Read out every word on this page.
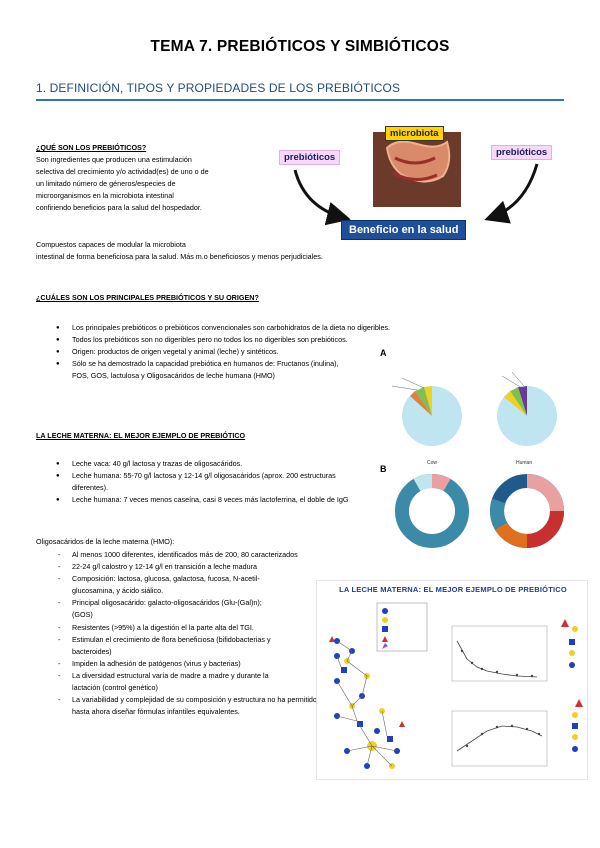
TEMA 7. PREBIÓTICOS Y SIMBIÓTICOS
1. DEFINICIÓN, TIPOS Y PROPIEDADES DE LOS PREBIÓTICOS
¿QUÉ SON LOS PREBIÓTICOS?
Son ingredientes que producen una estimulación
selectiva del crecimiento y/o actividad(es) de uno o de
un limitado número de géneros/especies de
microorganismos en la microbiota intestinal
confiriendo beneficios para la salud del hospedador.
Compuestos capaces de modular la microbiota
intestinal de forma beneficiosa para la salud. Más m.o beneficiosos y menos perjudiciales.
microbiota
prebióticos	prebióticos
Beneficio en la salud
¿CUÁLES SON LOS PRINCIPALES PREBIÓTICOS Y SU ORIGEN?
● Los principales prebióticos o prebióticos convencionales son carbohidratos de la dieta no digeribles.
● Todos los prebióticos son no digeribles pero no todos los no digeribles son prebióticos.
● Origen: productos de origen vegetal y animal (leche) y sintéticos.
● Sólo se ha demostrado la capacidad prebiótica en humanos de: Fructanos (inulina), FOS, GOS, lactulosa y Oligosacáridos de leche humana (HMO)
LA LECHE MATERNA: EL MEJOR EJEMPLO DE PREBIÓTICO
● Leche vaca: 40 g/l lactosa y trazas de oligosacáridos.
● Leche humana: 55-70 g/l lactosa y 12-14 g/l oligosacáridos (aprox. 200 estructuras diferentes).
● Leche humana: 7 veces menos caseína, casi 8 veces más lactoferrina, el doble de IgG
Oligosacáridos de la leche materna (HMO):
- Al menos 1000 diferentes, identificados más de 200, 80 caracterizados
- 22-24 g/l calostro y 12-14 g/l en transición a leche madura
- Composición: lactosa, glucosa, galactosa, fucosa, N-acetil- glucosamina, y ácido siálico.
- Principal oligosacárido: galacto-oligosacáridos (Glu-(Gal)n); (GOS)
- Resistentes (>95%) a la digestión el la parte alta del TGI.
- Estimulan el crecimiento de flora beneficiosa (bifidobacterias y bacteroides)
- Impiden la adhesión de patógenos (virus y bacterias)
- La diversidad estructural varía de madre a madre y durante la lactación (control genético)
- La variabilidad y complejidad de su composición y estructura no ha permitido hasta ahora diseñar fórmulas infantiles equivalentes.
A
B
Cow	Human
LA LECHE MATERNA: EL MEJOR EJEMPLO DE PREBIÓTICO
